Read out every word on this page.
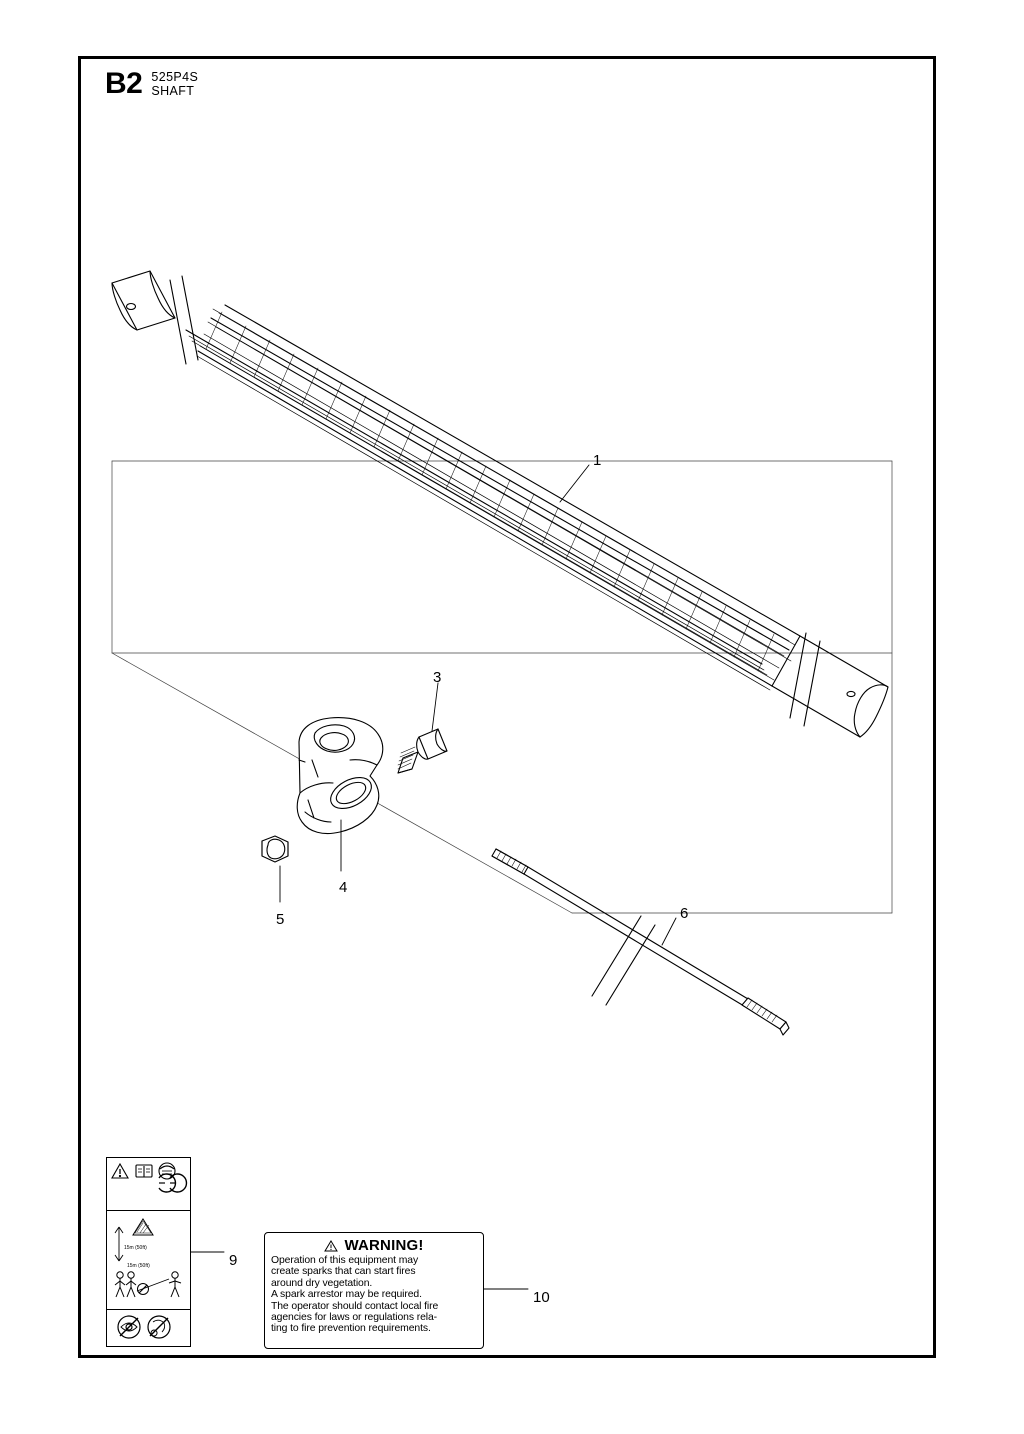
B2 525P4S
SHAFT
15m (50ft)
15m (50ft)
WARNING!
Operation of this equipment may
create sparks that can start fires
around dry vegetation.
A spark arrestor may be required.
The operator should contact local fire
agencies for laws or regulations rela-
ting to fire prevention requirements.
1
3
4
5	6
9
10
